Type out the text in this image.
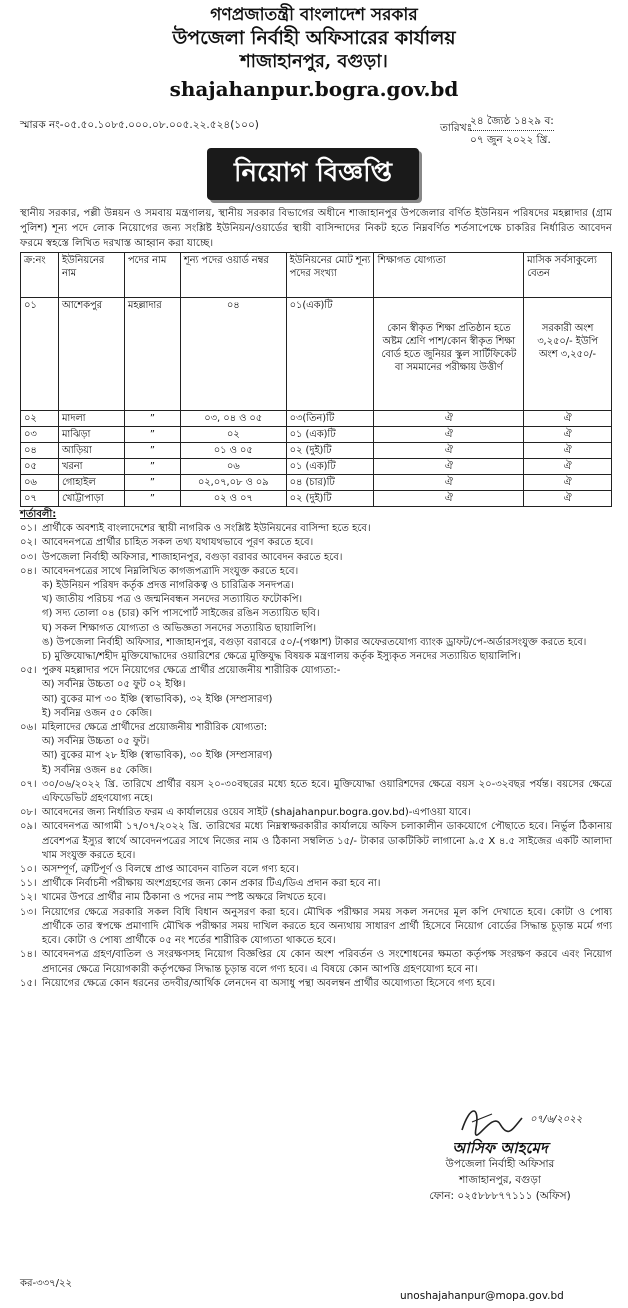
গণপ্রজাতন্ত্রী বাংলাদেশ সরকার
উপজেলা নির্বাহী অফিসারের কার্যালয়
শাজাহানপুর, বগুড়া।
shajahanpur.bogra.gov.bd
স্মারক নং-০৫.৫০.১০৮৫.০০০.০৮.০০৫.২২.৫২৪(১০০)	তারিখঃ
২৪ জ্যৈষ্ঠ ১৪২৯ ব:
০৭ জুন ২০২২ খ্রি.
নিয়োগ বিজ্ঞপ্তি
স্থানীয় সরকার, পল্লী উন্নয়ন ও সমবায় মন্ত্রণালয়, স্থানীয় সরকার বিভাগের অধীনে শাজাহানপুর উপজেলার বর্ণিত ইউনিয়ন পরিষদের মহল্লাদার (গ্রাম পুলিশ) শূন্য পদে লোক নিয়োগের জন্য সংশ্লিষ্ট ইউনিয়ন/ওয়ার্ডের স্থায়ী বাসিন্দাদের নিকট হতে নিম্নবর্ণিত শর্তসাপেক্ষে চাকরির নির্ধারিত আবেদন ফরমে স্বহস্তে লিখিত দরখাস্ত আহ্বান করা যাচ্ছে।
ক্র:নং	ইউনিয়নের নাম	পদের নাম	শূন্য পদের ওয়ার্ড নম্বর	ইউনিয়নের মোট শূন্য পদের সংখ্যা	শিক্ষাগত যোগ্যতা	মাসিক সর্বসাকুল্যে বেতন
০১	আশেকপুর	মহল্লাদার	০৪	০১(এক)টি	কোন স্বীকৃত শিক্ষা প্রতিষ্ঠান হতে অষ্টম শ্রেণি পাশ/কোন স্বীকৃত শিক্ষা বোর্ড হতে জুনিয়র স্কুল সার্টিফিকেট বা সমমানের পরীক্ষায় উত্তীর্ণ	সরকারী অংশ ৩,২৫০/- ইউপি অংশ ৩,২৫০/-
০২	মাদলা	”	০৩, ০৪ ও ০৫	০৩(তিন)টি	ঐ	ঐ
০৩	মাঝিড়া	”	০২	০১ (এক)টি	ঐ	ঐ
০৪	আড়িয়া	”	০১ ও ০৫	০২ (দুই)টি	ঐ	ঐ
০৫	খরনা	”	০৬	০১ (এক)টি	ঐ	ঐ
০৬	গোহাইল	”	০২,০৭,০৮ ও ০৯	০৪ (চার)টি	ঐ	ঐ
০৭	খোট্টাপাড়া	”	০২ ও ০৭	০২ (দুই)টি	ঐ	ঐ
শর্তাবলী:
০১। প্রার্থীকে অবশ্যই বাংলাদেশের স্থায়ী নাগরিক ও সংশ্লিষ্ট ইউনিয়নের বাসিন্দা হতে হবে।
০২। আবেদনপত্রে প্রার্থীর চাহিত সকল তথ্য যথাযথভাবে পূরণ করতে হবে।
০৩। উপজেলা নির্বাহী অফিসার, শাজাহানপুর, বগুড়া বরাবর আবেদন করতে হবে।
০৪। আবেদনপত্রের সাথে নিম্নলিখিত কাগজপত্রাদি সংযুক্ত করতে হবে।
ক) ইউনিয়ন পরিষদ কর্তৃক প্রদত্ত নাগরিকত্ব ও চারিত্রিক সনদপত্র।
খ) জাতীয় পরিচয় পত্র ও জন্মনিবন্ধন সনদের সত্যায়িত ফটোকপি।
গ) সদ্য তোলা ০৪ (চার) কপি পাসপোর্ট সাইজের রঙিন সত্যায়িত ছবি।
ঘ) সকল শিক্ষাগত যোগ্যতা ও অভিজ্ঞতা সনদের সত্যায়িত ছায়ালিপি।
ঙ) উপজেলা নির্বাহী অফিসার, শাজাহানপুর, বগুড়া বরাবরে ৫০/-(পঞ্চাশ) টাকার অফেরতযোগ্য ব্যাংক ড্রাফট/পে-অর্ডারসংযুক্ত করতে হবে।
চ) মুক্তিযোদ্ধা/শহীদ মুক্তিযোদ্ধাদের ওয়ারিশের ক্ষেত্রে মুক্তিযুদ্ধ বিষয়ক মন্ত্রণালয় কর্তৃক ইস্যুকৃত সনদের সত্যায়িত ছায়ালিপি।
০৫। পুরুষ মহল্লাদার পদে নিয়োগের ক্ষেত্রে প্রার্থীর প্রয়োজনীয় শারীরিক যোগ্যতা:-
অ) সর্বনিম্ন উচ্চতা ০৫ ফুট ০২ ইঞ্চি।
আ) বুকের মাপ ৩০ ইঞ্চি (স্বাভাবিক), ৩২ ইঞ্চি (সম্প্রসারণ)
ই) সর্বনিম্ন ওজন ৫০ কেজি।
০৬। মহিলাদের ক্ষেত্রে প্রার্থীদের প্রয়োজনীয় শারীরিক যোগ্যতা:
অ) সর্বনিম্ন উচ্চতা ০৫ ফুট।
আ) বুকের মাপ ২৮ ইঞ্চি (স্বাভাবিক), ৩০ ইঞ্চি (সম্প্রসারণ)
ই) সর্বনিম্ন ওজন ৪৫ কেজি।
০৭। ৩০/০৬/২০২২ খ্রি. তারিখে প্রার্থীর বয়স ২০-৩০বছরের মধ্যে হতে হবে। মুক্তিযোদ্ধা ওয়ারিশদের ক্ষেত্রে বয়স ২০-৩২বছর পর্যন্ত। বয়সের ক্ষেত্রে এফিডেভিট গ্রহণযোগ্য নহে।
০৮। আবেদনের জন্য নির্ধারিত ফরম এ কার্যালয়ের ওয়েব সাইট (shajahanpur.bogra.gov.bd)-এপাওয়া যাবে।
০৯। আবেদনপত্র আগামী ১৭/০৭/২০২২ খ্রি. তারিখের মধ্যে নিম্নস্বাক্ষরকারীর কার্যালয়ে অফিস চলাকালীন ডাকযোগে পৌছাতে হবে। নির্ভুল ঠিকানায় প্রবেশপত্র ইস্যুর স্বার্থে আবেদনপত্রের সাথে নিজের নাম ও ঠিকানা সম্বলিত ১৫/- টাকার ডাকটিকিট লাগানো ৯.৫ X ৪.৫ সাইজের একটি আলাদা খাম সংযুক্ত করতে হবে।
১০। অসম্পূর্ণ, ত্রুটিপূর্ণ ও বিলম্বে প্রাপ্ত আবেদন বাতিল বলে গণ্য হবে।
১১। প্রার্থীকে নির্বাচনী পরীক্ষায় অংশগ্রহণের জন্য কোন প্রকার টিএ/ডিএ প্রদান করা হবে না।
১২। খামের উপরে প্রার্থীর নাম ঠিকানা ও পদের নাম স্পষ্ট অক্ষরে লিখতে হবে।
১৩। নিয়োগের ক্ষেত্রে সরকারি সকল বিধি বিধান অনুসরণ করা হবে। মৌখিক পরীক্ষার সময় সকল সনদের মূল কপি দেখাতে হবে। কোটা ও পোষ্য প্রার্থীকে তার স্বপক্ষে প্রমাণাদি মৌখিক পরীক্ষার সময় দাখিল করতে হবে অন্যথায় সাধারণ প্রার্থী হিসেবে নিয়োগ বোর্ডের সিদ্ধান্ত চূড়ান্ত মর্মে গণ্য হবে। কোটা ও পোষ্য প্রার্থীকে ০৫ নং শর্তের শারীরিক যোগ্যতা থাকতে হবে।
১৪। আবেদনপত্র গ্রহণ/বাতিল ও সংরক্ষণসহ নিয়োগ বিজ্ঞপ্তির যে কোন অংশ পরিবর্তন ও সংশোধনের ক্ষমতা কর্তৃপক্ষ সংরক্ষণ করবে এবং নিয়োগ প্রদানের ক্ষেত্রে নিয়োগকারী কর্তৃপক্ষের সিদ্ধান্ত চূড়ান্ত বলে গণ্য হবে। এ বিষয়ে কোন আপত্তি গ্রহণযোগ্য হবে না।
১৫। নিয়োগের ক্ষেত্রে কোন ধরনের তদবীর/আর্থিক লেনদেন বা অসাধু পন্থা অবলম্বন প্রার্থীর অযোগ্যতা হিসেবে গণ্য হবে।
০৭/৬/২০২২
আসিফ আহমেদ
উপজেলা নির্বাহী অফিসার
শাজাহানপুর, বগুড়া
ফোন: ০২৫৮৮৮৭৭১১১ (অফিস)
কর-৩৩৭/২২
unoshajahanpur@mopa.gov.bd
